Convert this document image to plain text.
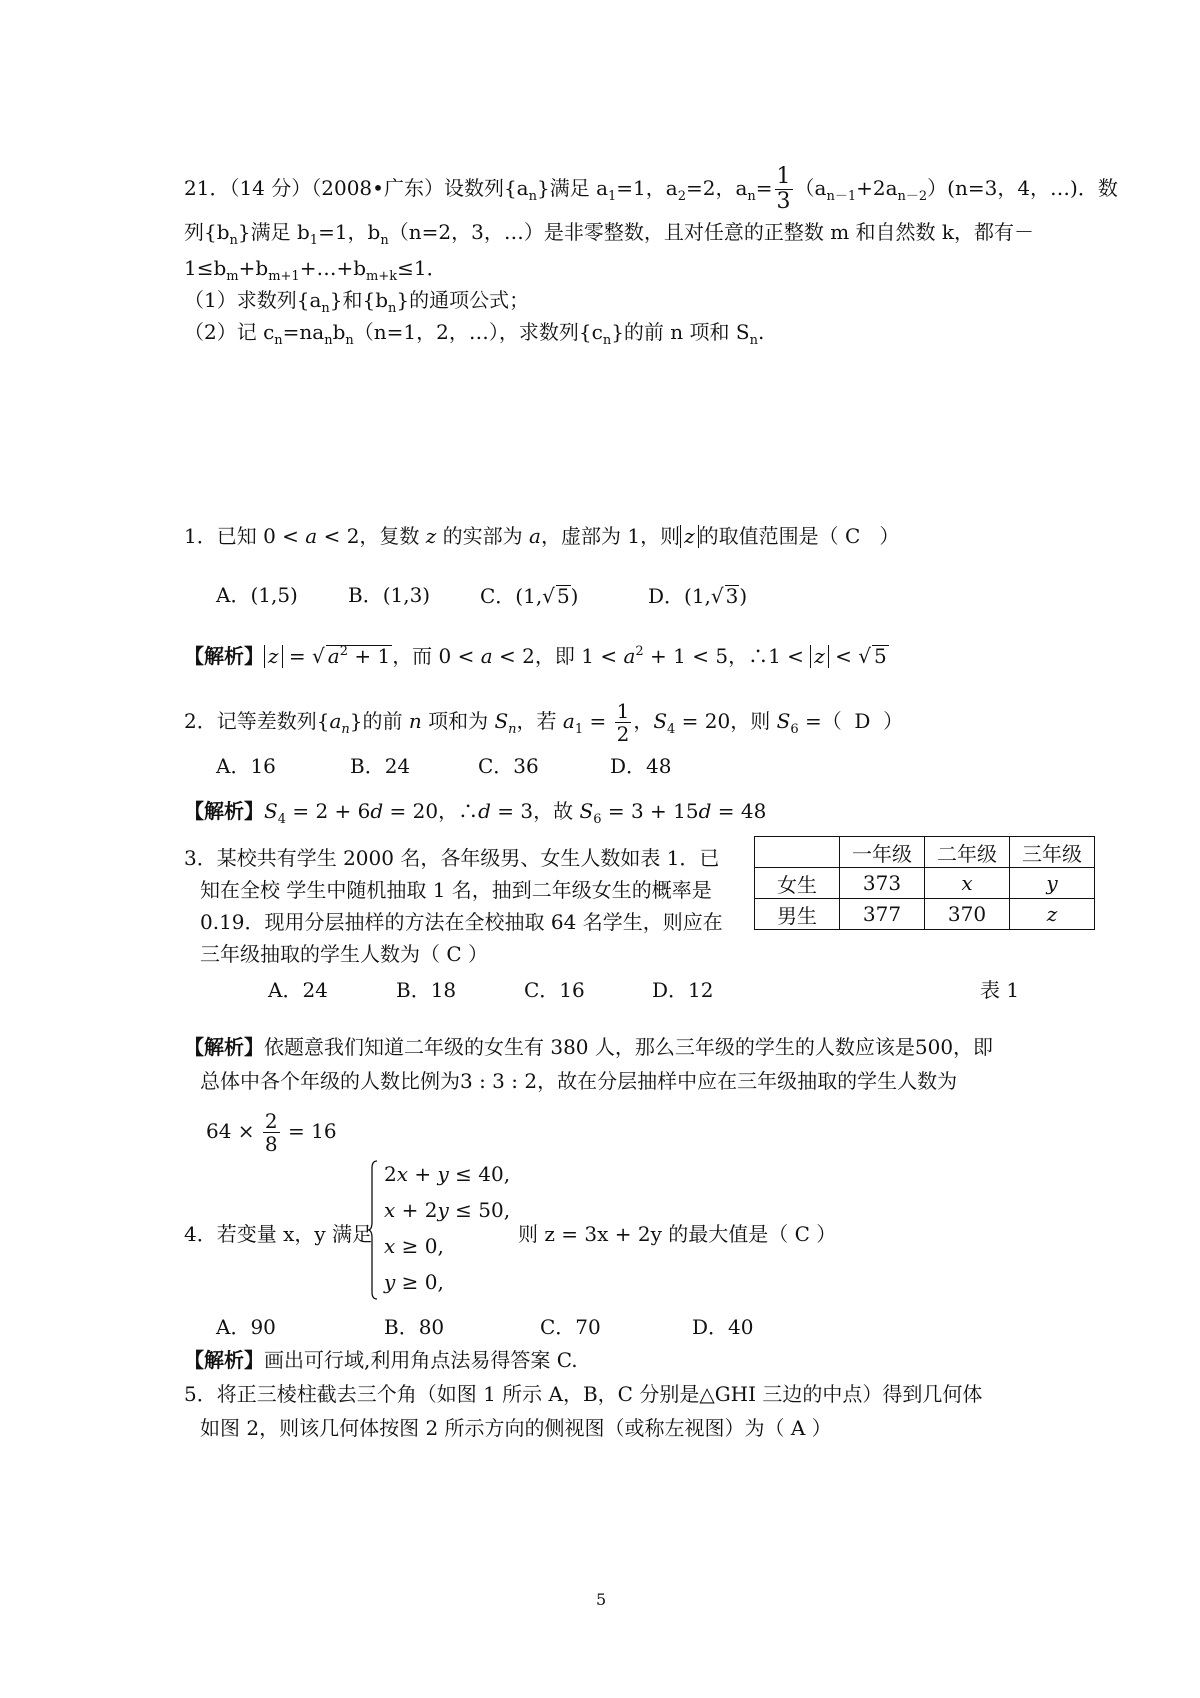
21．（14 分）（2008•广东）设数列$\{a_n\}$满足 $a_1=1$，$a_2=2$，$a_n= \frac{1}{3} (a_{n-1}+2a_{n-2})(n=3$，4，…)．数
列$\{b_n\}$满足 $b_1=1$，$b_n(n=2$，3，…）是非零整数，且对任意的正整数 m 和自然数 k，都有－
$1\le b_m+b_{m+1}+\dots+b_{m+k}\le 1$．
（1）求数列$\{a_n\}$和$\{b_n\}$的通项公式；
（2）记 $c_n=na_nb_n(n=1$，2，…），求数列$\{c_n\}$的前 n 项和 $S_n$.
1．已知 0 < a < 2，复数 z 的实部为 a，虚部为 1，则 z 的取值范围是（ C   ）
A．(1,5)	B．(1,3) C．(1,√ 5)	D．(1,√ 3)
【解析】 z = √ $a^2 + 1$ ，而 0 < a < 2，即 $1 < a^2 + 1 < 5$，∴1 < z < √ 5
2．记等差数列$\{a_n\}$的前 n 项和为 $S_n$，若 $a_1 = \frac{1}{2}$ ，$S_4 = 20$，则 $S_6$ =（  D  ）
A．16	B．24	C．36	D．48
【解析】$S_4 = 2 + 6d = 20$，∴d = 3，故 $S_6 = 3 + 15d = 48$
3．某校共有学生 2000 名，各年级男、女生人数如表 1．已
知在全校 学生中随机抽取 1 名，抽到二年级女生的概率是
0.19．现用分层抽样的方法在全校抽取 64 名学生，则应在
三年级抽取的学生人数为（ C ）
A．24	B．18	C．16	D．12	表 1
	一年级	二年级	三年级
女生	373	x	y
男生	377	370	z
【解析】依题意我们知道二年级的女生有 380 人，那么三年级的学生的人数应该是500，即
总体中各个年级的人数比例为3 : 3 : 2，故在分层抽样中应在三年级抽取的学生人数为
$64 \times \frac{2}{8} = 16$
4．若变量 x，y 满足
2x + y ≤ 40,
x + 2y ≤ 50,
x ≥ 0,
y ≥ 0,
则 z = 3x + 2y 的最大值是（ C ）
A．90	B．80	C．70	D．40
【解析】画出可行域,利用角点法易得答案 C.
5．将正三棱柱截去三个角（如图 1 所示 A，B，C 分别是△GHI 三边的中点）得到几何体
如图 2，则该几何体按图 2 所示方向的侧视图（或称左视图）为（ A ）
5
